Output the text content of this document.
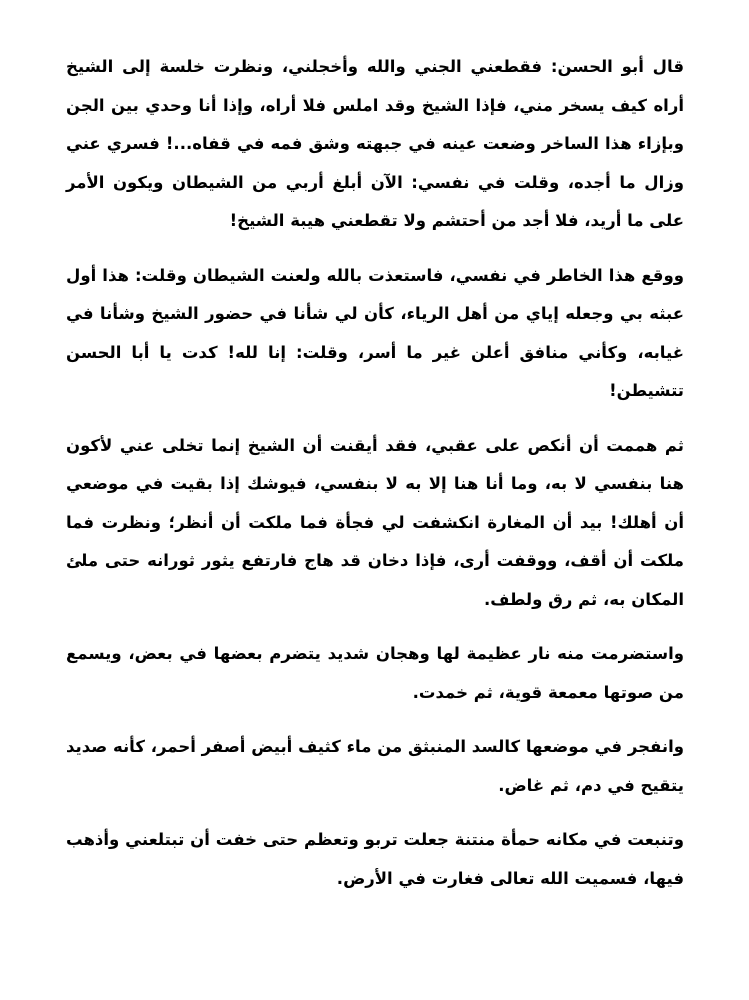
قال أبو الحسن: فقطعني الجني والله وأخجلني، ونظرت خلسة إلى الشيخ أراه كيف يسخر مني، فإذا الشيخ وقد املس فلا أراه، وإذا أنا وحدي بين الجن وبإزاء هذا الساخر وضعت عينه في جبهته وشق فمه في قفاه...! فسري عني وزال ما أجده، وقلت في نفسي: الآن أبلغ أربي من الشيطان ويكون الأمر على ما أريد، فلا أجد من أحتشم ولا تقطعني هيبة الشيخ!

ووقع هذا الخاطر في نفسي، فاستعذت بالله ولعنت الشيطان وقلت: هذا أول عبثه بي وجعله إياي من أهل الرياء، كأن لي شأنا في حضور الشيخ وشأنا في غيابه، وكأني منافق أعلن غير ما أسر، وقلت: إنا لله! كدت يا أبا الحسن تتشيطن!

ثم هممت أن أنكص على عقبي، فقد أيقنت أن الشيخ إنما تخلى عني لأكون هنا بنفسي لا به، وما أنا هنا إلا به لا بنفسي، فيوشك إذا بقيت في موضعي أن أهلك! بيد أن المغارة انكشفت لي فجأة فما ملكت أن أنظر؛ ونظرت فما ملكت أن أقف، ووقفت أرى، فإذا دخان قد هاج فارتفع يثور ثورانه حتى ملئ المكان به، ثم رق ولطف.

واستضرمت منه نار عظيمة لها وهجان شديد يتضرم بعضها في بعض، ويسمع من صوتها معمعة قوية، ثم خمدت.

وانفجر في موضعها كالسد المنبثق من ماء كثيف أبيض أصفر أحمر، كأنه صديد يتقيح في دم، ثم غاض.

وتنبعت في مكانه حمأة منتنة جعلت تربو وتعظم حتى خفت أن تبتلعني وأذهب فيها، فسميت الله تعالى فغارت في الأرض.
